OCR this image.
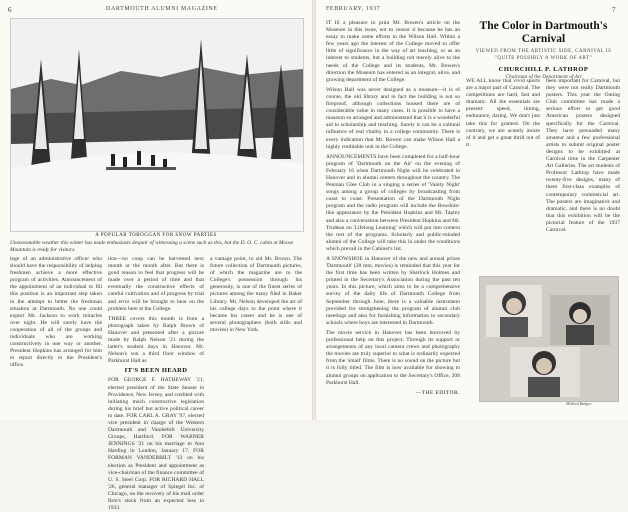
6	DARTMOUTH ALUMNI MAGAZINE
A POPULAR TOBOGGAN FOR SNOW PARTIES
Unseasonable weather this winter has made enthusiasts despair of witnessing a scene such as this, but the D. O. C. cabin at Moose Mountain is ready for visitors.
lege of an administrative officer who should have the responsibility of helping freshmen achieve a more effective program of activities. Announcement of the appointment of an individual to fill this position is an important step taken in the attempt to better the freshman situation at Dartmouth. No one could expect Mr. Jackson to work miracles over night. He will surely have the cooperation of all of the groups and individuals who are working constructively in one way or another. President Hopkins has arranged for him to report directly to the President's office.
tion—no coup can be harvested next month or the month after. But there is good reason to feel that progress will be made over a period of time and that eventually the constructive effects of careful cultivation and of progress by trial and error will be brought to bear on the problem here at the College.
THREE covers this month is from a photograph taken by Ralph Brown of Hanover and presented after a picture made by Ralph Nelson '21 during the latter's student days in Hanover. Mr. Nelson's son a third floor window of Parkhurst Hall as
IT'S BEEN HEARD
FOR GEORGE F. HATHEWAY '21, elected president of the State Senate in Providence, New Jersey, and credited with initiating much constructive legislation during his brief but active political career to date. FOR CARL A. GRAY '97, elected vice president in charge of the Western Dartmouth and Vanderbilt University Groups, Hartford. FOR WARNER JENNINGS '21 on his marriage to Ann Harding in London, January 17. FOR FORMAN VANDERBILT '13 on his election as President and appointment as vice-chairman of the finance committee of U. S. Steel Corp. FOR RICHARD HALL '26, general manager of Spiegel Inc. of Chicago, on the recovery of his mail order firm's stock from an expected loss in 1933.
a vantage point, to aid Mr. Brown. The future collection of Dartmouth pictures, of which the magazine are to the College's possession through his generosity, is one of the finest series of pictures among the many filed in Baker Library. Mr. Nelson developed the art of his college days to the point where it became his career and he is one of several photographers (both stills and movies) in New York.
FEBRUARY, 1937	7
IT IS a pleasure to print Mr. Bowen's article on the Museum in this issue, not to censor it because he has an essay to make some efforts in the Wilson Hall. Within a few years ago the interest of the College moved to offer little of significance in the way of art teaching, or as an interest to students, but a building not merely alive to the needs of the College and its students, Mr. Bowen's direction the Museum has entered as an integral, alive, and growing department of the College.
Wilson Hall was never designed as a museum—it is of course, the old library and in fact the building is not so fireproof, although collections housed there are of considerable value in many cases. It is possible to have a museum so arranged and administered that it is a wonderful aid to scholarship and teaching. Surely it can be a cultural influence of real vitality in a college community. There is every indication that Mr. Bowen can make Wilson Hall a highly creditable unit in the College.
ANNOUNCEMENTS have been completed for a half-hour program of 'Dartmouth on the Air' on the evening of February 16 when Dartmouth Night will be celebrated in Hanover and in alumni centers throughout the country. The Penman Glee Club in a singing a series of 'Vanity Night' songs among a group of colleges by broadcasting from coast to coast. Presentation of the Dartmouth Night program and the radio program will include the Bowdoin-like appearance by the President Hopkins and Mr. Tapley and also a conversation between President Hopkins and Mr. Trudeau on 'Lifelong Learning' which will put into context the rest of the programs. Scholarly and public-minded alumni of the College will take this in under the conditions which prevail in the Cabinet's list.
A SNOWSHOE in Hanover of the new and annual prizes 'Dartmouth' (28 mm. movies) is reminded that this year for the first time has been written by Sherlock Holmes and printed in the Secretary's Association during the past ten years. In this picture, which aims to be a comprehensive survey of the daily life of Dartmouth College from September through June, there is a valuable instrument provided for strengthening the program of alumni club meetings and also for furnishing information to secondary schools where boys are interested in Dartmouth.
The movie service in Hanover has been borrowed by professional help on this project. Through its support or arrangements of any local camera crews and photography the movies are truly superior to what is ordinarily expected from the 'small' films. There is no sound on the picture but it is fully titled. The film is now available for showing to alumni groups on application to the Secretary's Office, 208 Parkhurst Hall.
—THE EDITOR.
The Color in Dartmouth's Carnival
VIEWED FROM THE ARTISTIC SIDE, CARNIVAL IS "QUITE POSSIBLY A WORK OF ART"
CHURCHILL P. LATHROP
Chairman of the Department of Art
WE ALL know that vivid sports are a major part of Carnival. The competitions are hard, fast and dramatic. All the essentials are present: speed, timing, endurance, daring. We don't just take this for granted. On the contrary, we are acutely aware of it and get a great thrill out of it.
been important for Carnival, but they were not really Dartmouth posters. This year the Outing Club committee has made a serious effort to get good American posters designed specifically for the Carnival. They have persuaded many amateur and a few professional artists to submit original poster designs to be exhibited at Carnival time in the Carpenter Art Galleries. The art students of Professor Lathrop have made twenty-five designs, many of them first-class examples of contemporary commercial art. The posters are imaginative and dramatic, and there is no doubt that this exhibition will be the pictorial feature of the 1937 Carnival.
Mildred Badger
